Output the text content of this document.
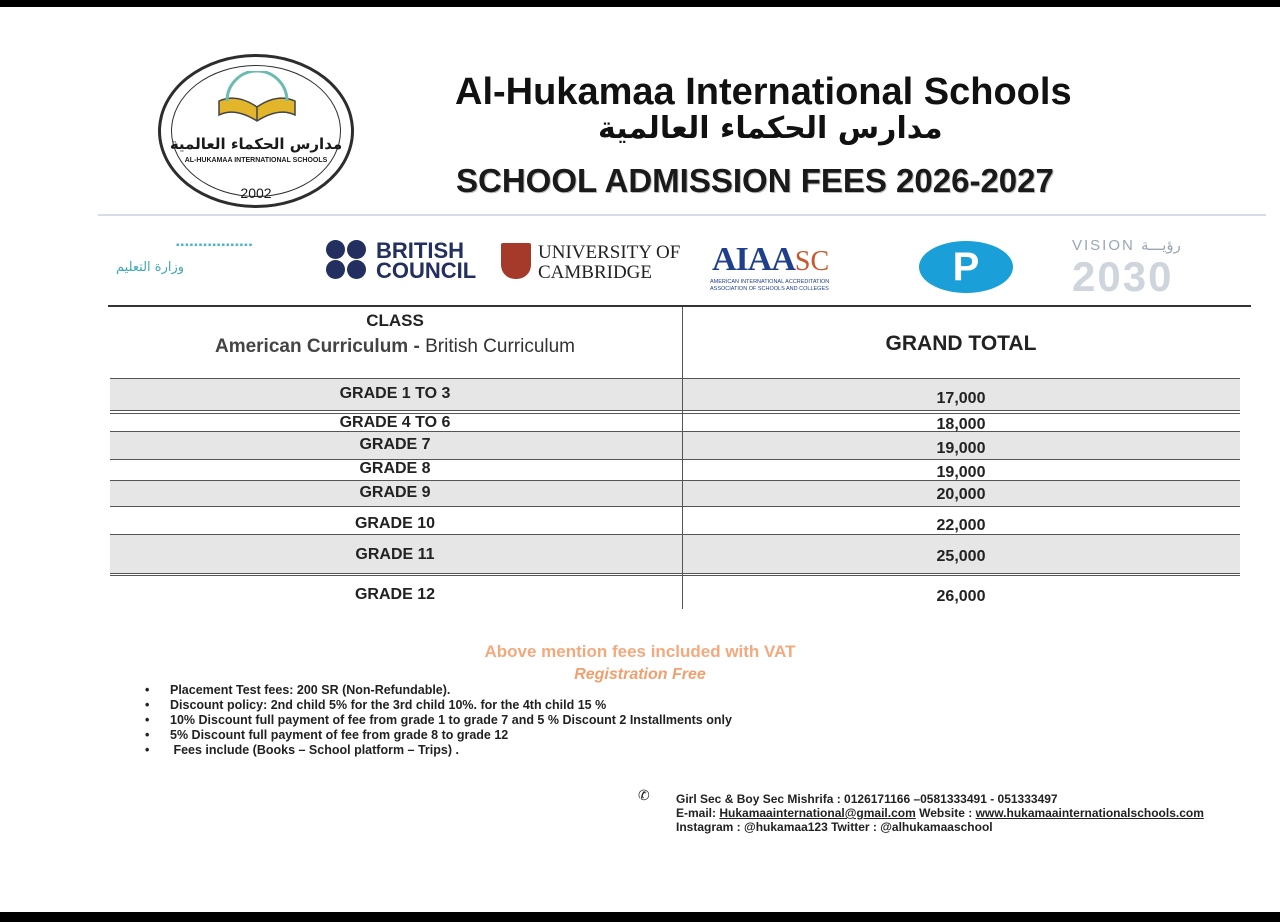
مدارس الحكماء العالمية
AL-HUKAMAA INTERNATIONAL SCHOOLS
2002
Al-Hukamaa International Schools
مدارس الحكماء العالمية
SCHOOL ADMISSION FEES 2026-2027
▪▪▪▪▪▪▪▪▪▪▪▪▪▪▪▪▪
وزارة التعليم
BRITISH
COUNCIL
UNIVERSITY OF
CAMBRIDGE	AIAASC
AMERICAN INTERNATIONAL ACCREDITATION
ASSOCIATION OF SCHOOLS AND COLLEGES	P	VISION رؤيـــة
2030
CLASS
American Curriculum - British Curriculum	GRAND TOTAL
GRADE 1 TO 3	17,000
GRADE 4 TO 6	18,000
GRADE 7	19,000
GRADE 8	19,000
GRADE 9	20,000
GRADE 10	22,000
GRADE 11	25,000
GRADE 12	26,000
Above mention fees included with VAT
Registration Free
• Placement Test fees: 200 SR (Non-Refundable).
• Discount policy: 2nd child 5% for the 3rd child 10%. for the 4th child 15 %
• 10% Discount full payment of fee from grade 1 to grade 7 and 5 % Discount 2 Installments only
• 5% Discount full payment of fee from grade 8 to grade 12
• Fees include (Books – School platform – Trips) .
✆ Girl Sec & Boy Sec Mishrifa : 0126171166 –0581333491 - 051333497
E-mail: Hukamaainternational@gmail.com Website : www.hukamaainternationalschools.com
Instagram : @hukamaa123 Twitter : @alhukamaaschool
